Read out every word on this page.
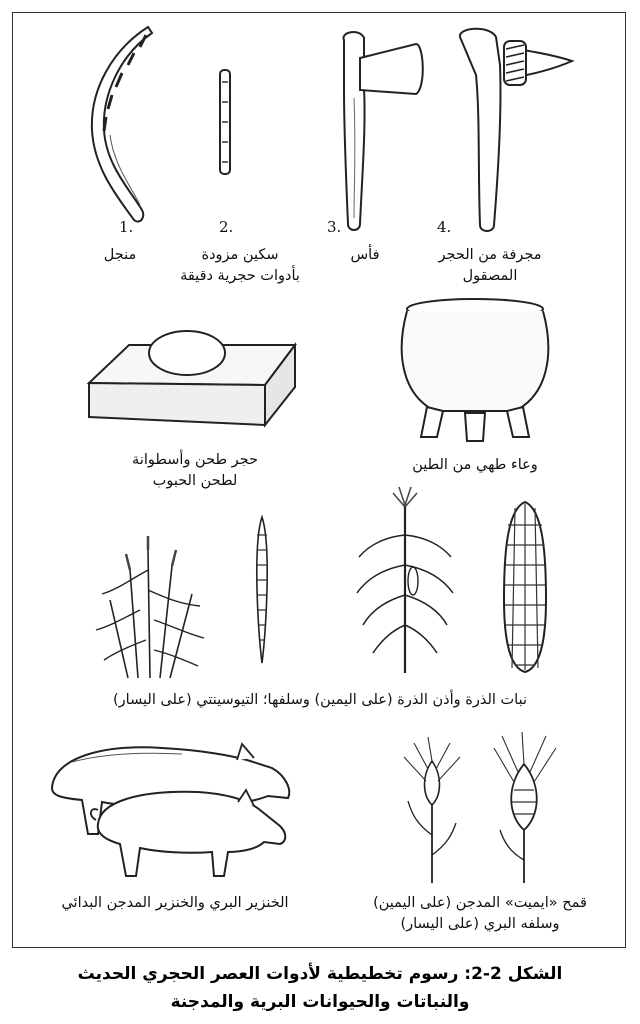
1.
منجل
2.
سكين مزودة
بأدوات حجرية دقيقة
3.
فأس
4.
مجرفة من الحجر
المصقول
حجر طحن وأسطوانة
لطحن الحبوب
وعاء طهي من الطين
نبات الذرة وأذن الذرة (على اليمين) وسلفها؛ التيوسينتي (على اليسار)
الخنزير البري والخنزير المدجن البدائي	قمح «ايميت» المدجن (على اليمين)
وسلفه البري (على اليسار)
الشكل 2-2: رسوم تخطيطية لأدوات العصر الحجري الحديث
والنباتات والحيوانات البرية والمدجنة
